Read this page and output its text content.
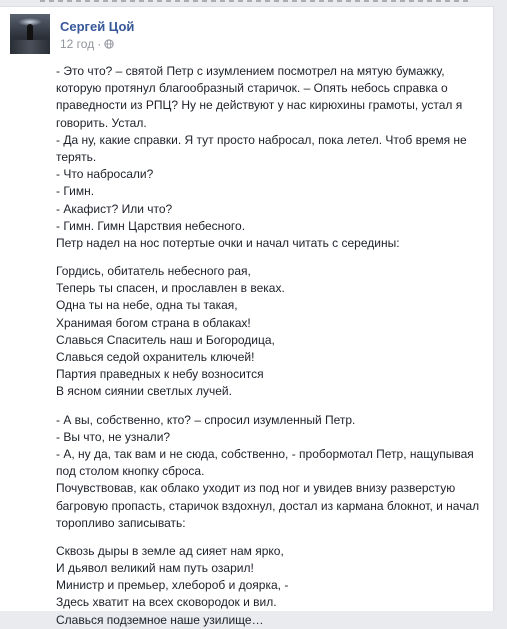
Сергей Цой
12 год ·
- Это что? – святой Петр с изумлением посмотрел на мятую бумажку,
которую протянул благообразный старичок. – Опять небось справка о
праведности из РПЦ? Ну не действуют у нас кирюхины грамоты, устал я
говорить. Устал.
- Да ну, какие справки. Я тут просто набросал, пока летел. Чтоб время не
терять.
- Что набросали?
- Гимн.
- Акафист? Или что?
- Гимн. Гимн Царствия небесного.
Петр надел на нос потертые очки и начал читать с середины:
Гордись, обитатель небесного рая,
Теперь ты спасен, и прославлен в веках.
Одна ты на небе, одна ты такая,
Хранимая богом страна в облаках!
Славься Спаситель наш и Богородица,
Славься седой охранитель ключей!
Партия праведных к небу возносится
В ясном сиянии светлых лучей.
- А вы, собственно, кто? – спросил изумленный Петр.
- Вы что, не узнали?
- А, ну да, так вам и не сюда, собственно, - пробормотал Петр, нащупывая
под столом кнопку сброса.
Почувствовав, как облако уходит из под ног и увидев внизу разверстую
багровую пропасть, старичок вздохнул, достал из кармана блокнот, и начал
торопливо записывать:
Сквозь дыры в земле ад сияет нам ярко,
И дьявол великий нам путь озарил!
Министр и премьер, хлебороб и доярка, -
Здесь хватит на всех сковородок и вил.
Славься подземное наше узилище…
